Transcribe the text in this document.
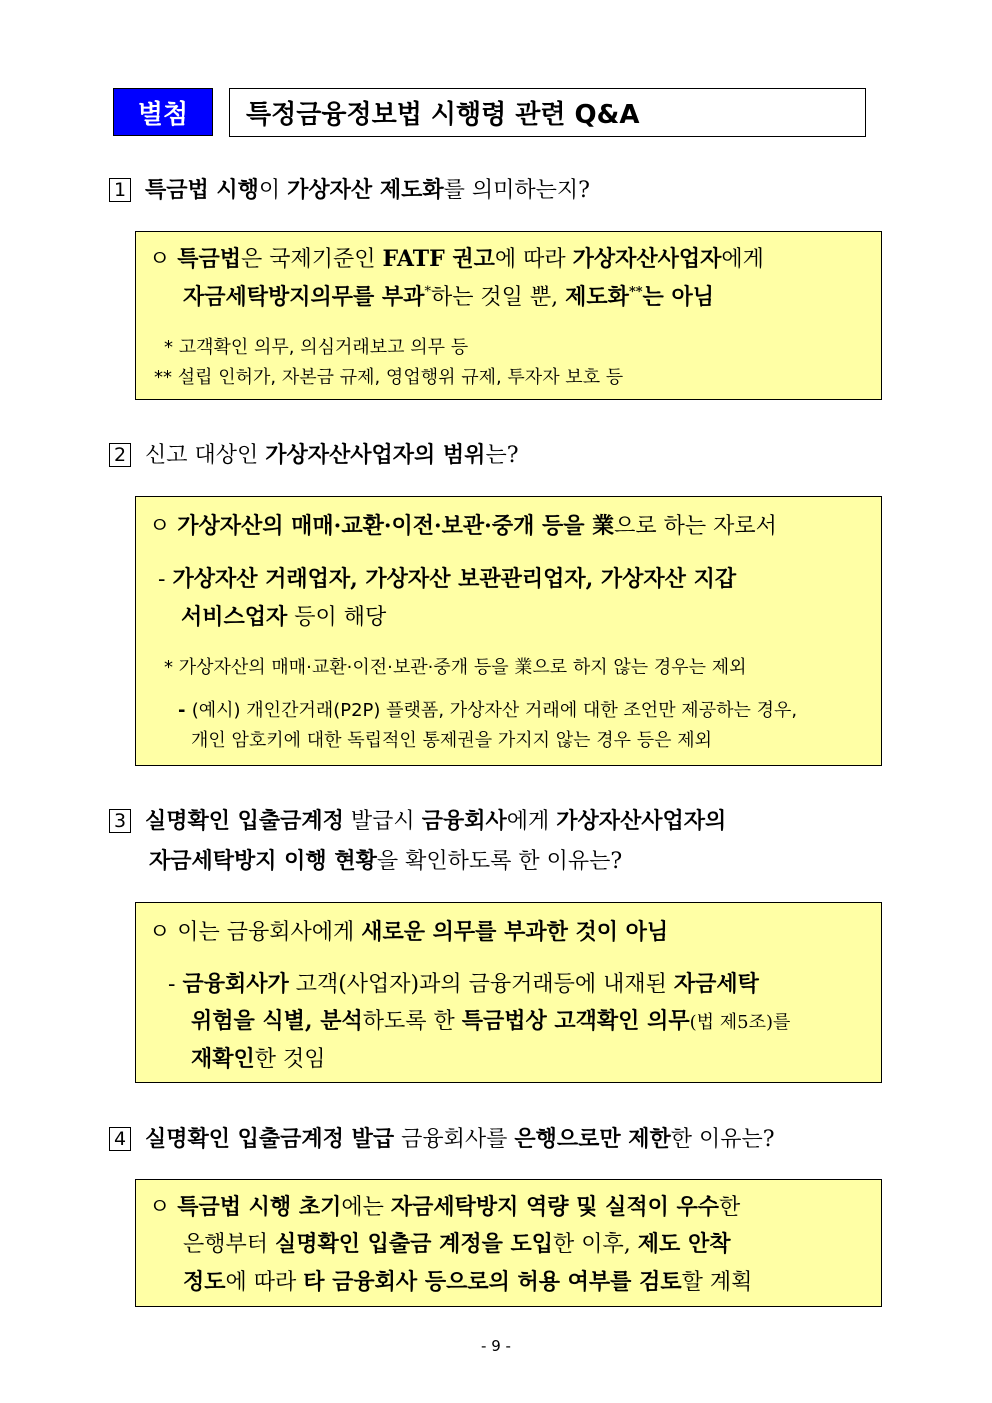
별첨	특정금융정보법 시행령 관련 Q&A
1 특금법 시행이 가상자산 제도화를 의미하는지?
ㅇ 특금법은 국제기준인 FATF 권고에 따라 가상자산사업자에게
자금세탁방지의무를 부과*하는 것일 뿐, 제도화**는 아님
* 고객확인 의무, 의심거래보고 의무 등
** 설립 인허가, 자본금 규제, 영업행위 규제, 투자자 보호 등
2 신고 대상인 가상자산사업자의 범위는?
ㅇ 가상자산의 매매·교환·이전·보관·중개 등을 業으로 하는 자로서
- 가상자산 거래업자, 가상자산 보관관리업자, 가상자산 지갑
서비스업자 등이 해당
* 가상자산의 매매·교환·이전·보관·중개 등을 業으로 하지 않는 경우는 제외
- (예시) 개인간거래(P2P) 플랫폼, 가상자산 거래에 대한 조언만 제공하는 경우,
개인 암호키에 대한 독립적인 통제권을 가지지 않는 경우 등은 제외
3 실명확인 입출금계정 발급시 금융회사에게 가상자산사업자의
자금세탁방지 이행 현황을 확인하도록 한 이유는?
ㅇ 이는 금융회사에게 새로운 의무를 부과한 것이 아님
- 금융회사가 고객(사업자)과의 금융거래등에 내재된 자금세탁
위험을 식별, 분석하도록 한 특금법상 고객확인 의무(법 제5조)를
재확인한 것임
4 실명확인 입출금계정 발급 금융회사를 은행으로만 제한한 이유는?
ㅇ 특금법 시행 초기에는 자금세탁방지 역량 및 실적이 우수한
은행부터 실명확인 입출금 계정을 도입한 이후, 제도 안착
정도에 따라 타 금융회사 등으로의 허용 여부를 검토할 계획
- 9 -
